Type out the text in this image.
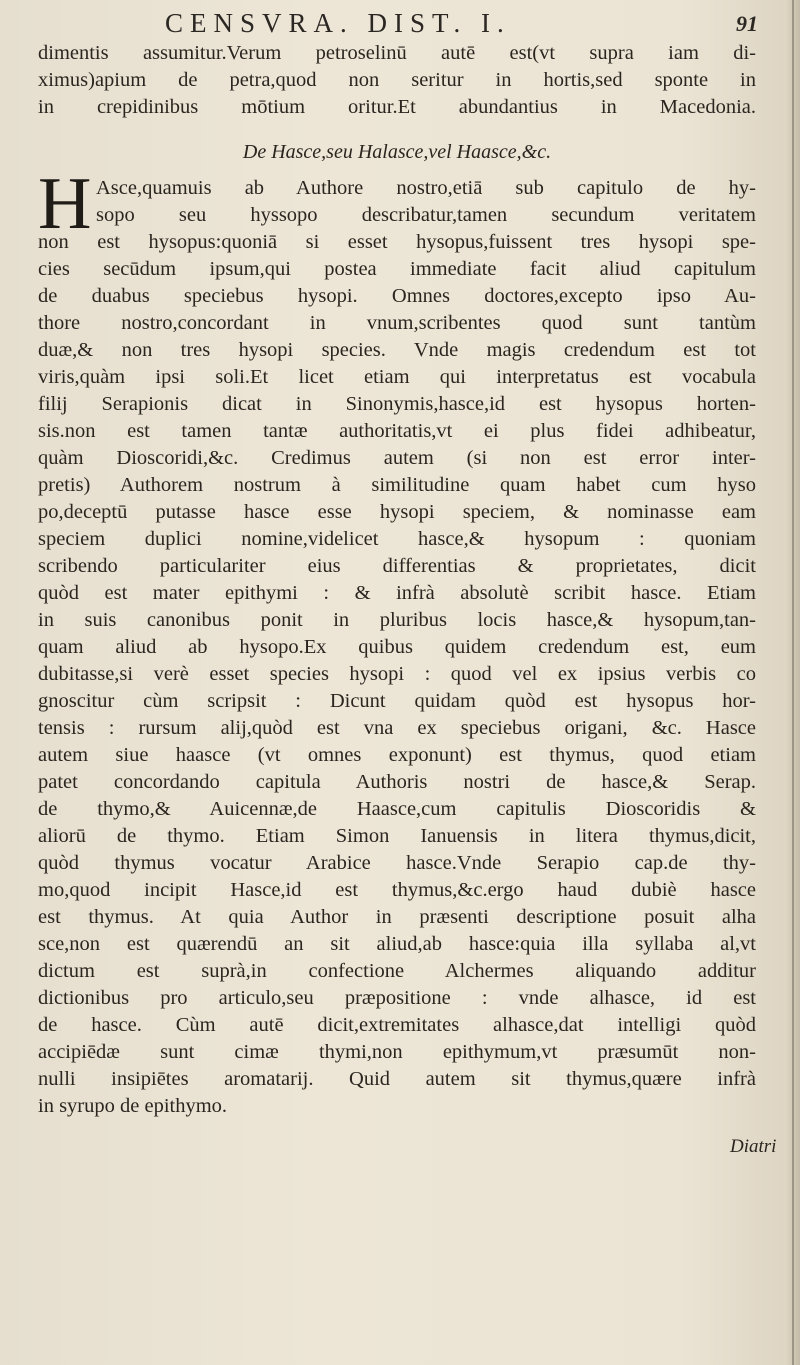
CENSVRA. DIST. I.	91
dimentis assumitur.Verum petroselinū autē est(vt supra iam di-
ximus)apium de petra,quod non seritur in hortis,sed sponte in
in crepidinibus mōtium oritur.Et abundantius in Macedonia.
De Hasce,seu Halasce,vel Haasce,&c.
H Asce,quamuis ab Authore nostro,etiā sub capitulo de hy-
sopo seu hyssopo describatur,tamen secundum veritatem
non est hysopus:quoniā si esset hysopus,fuissent tres hysopi spe-
cies secūdum ipsum,qui postea immediate facit aliud capitulum
de duabus speciebus hysopi. Omnes doctores,excepto ipso Au-
thore nostro,concordant in vnum,scribentes quod sunt tantùm
duæ,& non tres hysopi species. Vnde magis credendum est tot
viris,quàm ipsi soli.Et licet etiam qui interpretatus est vocabula
filij Serapionis dicat in Sinonymis,hasce,id est hysopus horten-
sis.non est tamen tantæ authoritatis,vt ei plus fidei adhibeatur,
quàm Dioscoridi,&c. Credimus autem (si non est error inter-
pretis) Authorem nostrum à similitudine quam habet cum hyso
po,deceptū putasse hasce esse hysopi speciem, & nominasse eam
speciem duplici nomine,videlicet hasce,& hysopum : quoniam
scribendo particulariter eius differentias & proprietates, dicit
quòd est mater epithymi : & infrà absolutè scribit hasce. Etiam
in suis canonibus ponit in pluribus locis hasce,& hysopum,tan-
quam aliud ab hysopo.Ex quibus quidem credendum est, eum
dubitasse,si verè esset species hysopi : quod vel ex ipsius verbis co
gnoscitur cùm scripsit : Dicunt quidam quòd est hysopus hor-
tensis : rursum alij,quòd est vna ex speciebus origani, &c. Hasce
autem siue haasce (vt omnes exponunt) est thymus, quod etiam
patet concordando capitula Authoris nostri de hasce,& Serap.
de thymo,& Auicennæ,de Haasce,cum capitulis Dioscoridis &
aliorū de thymo. Etiam Simon Ianuensis in litera thymus,dicit,
quòd thymus vocatur Arabice hasce.Vnde Serapio cap.de thy-
mo,quod incipit Hasce,id est thymus,&c.ergo haud dubiè hasce
est thymus. At quia Author in præsenti descriptione posuit alha
sce,non est quærendū an sit aliud,ab hasce:quia illa syllaba al,vt
dictum est suprà,in confectione Alchermes aliquando additur
dictionibus pro articulo,seu præpositione : vnde alhasce, id est
de hasce. Cùm autē dicit,extremitates alhasce,dat intelligi quòd
accipiēdæ sunt cimæ thymi,non epithymum,vt præsumūt non-
nulli insipiētes aromatarij. Quid autem sit thymus,quære infrà
in syrupo de epithymo.
Diatri
